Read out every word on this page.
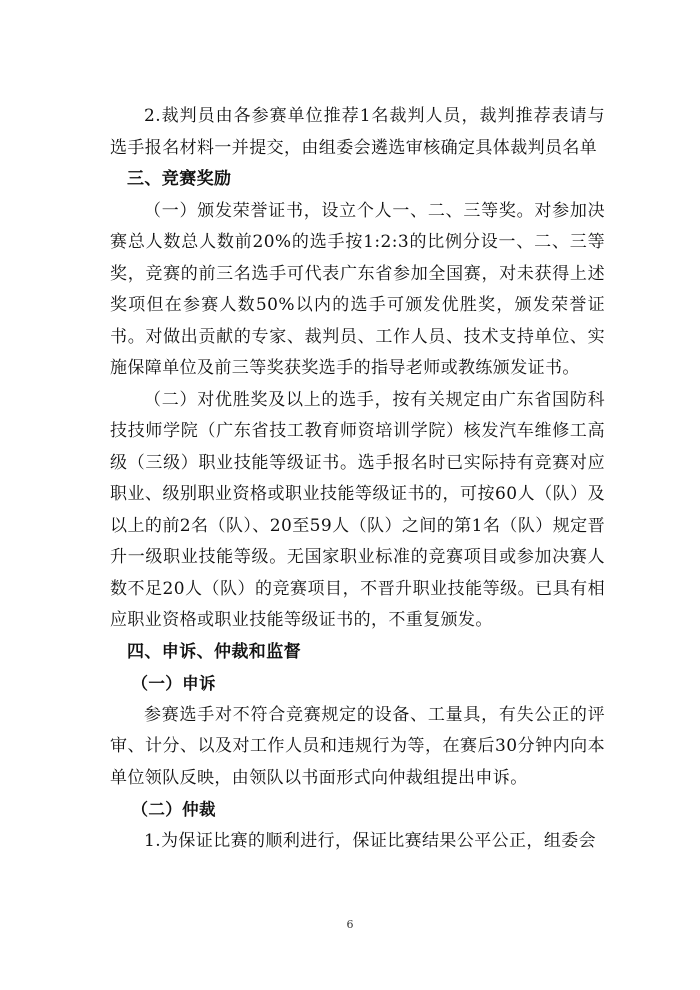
2.裁判员由各参赛单位推荐1名裁判人员，裁判推荐表请与选手报名材料一并提交，由组委会遴选审核确定具体裁判员名单

三、竞赛奖励

（一）颁发荣誉证书，设立个人一、二、三等奖。对参加决赛总人数总人数前20%的选手按1:2:3的比例分设一、二、三等奖，竞赛的前三名选手可代表广东省参加全国赛，对未获得上述奖项但在参赛人数50%以内的选手可颁发优胜奖，颁发荣誉证书。对做出贡献的专家、裁判员、工作人员、技术支持单位、实施保障单位及前三等奖获奖选手的指导老师或教练颁发证书。

（二）对优胜奖及以上的选手，按有关规定由广东省国防科技技师学院（广东省技工教育师资培训学院）核发汽车维修工高级（三级）职业技能等级证书。选手报名时已实际持有竞赛对应职业、级别职业资格或职业技能等级证书的，可按60人（队）及以上的前2名（队）、20至59人（队）之间的第1名（队）规定晋升一级职业技能等级。无国家职业标准的竞赛项目或参加决赛人数不足20人（队）的竞赛项目，不晋升职业技能等级。已具有相应职业资格或职业技能等级证书的，不重复颁发。

四、申诉、仲裁和监督

（一）申诉

参赛选手对不符合竞赛规定的设备、工量具，有失公正的评审、计分、以及对工作人员和违规行为等，在赛后30分钟内向本单位领队反映，由领队以书面形式向仲裁组提出申诉。

（二）仲裁

1.为保证比赛的顺利进行，保证比赛结果公平公正，组委会

6
